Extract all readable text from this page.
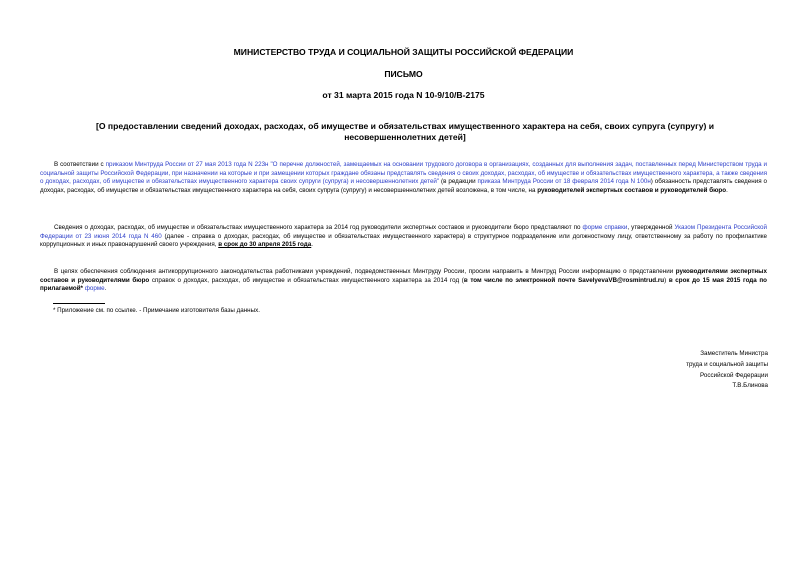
МИНИСТЕРСТВО ТРУДА И СОЦИАЛЬНОЙ ЗАЩИТЫ РОССИЙСКОЙ ФЕДЕРАЦИИ
ПИСЬМО
от 31 марта 2015 года N 10-9/10/В-2175
[О предоставлении сведений доходах, расходах, об имуществе и обязательствах имущественного характера на себя, своих супруга (супругу) и несовершеннолетних детей]

В соответствии с приказом Минтруда России от 27 мая 2013 года N 223н "О перечне должностей, замещаемых на основании трудового договора в организациях, созданных для выполнения задач, поставленных перед Министерством труда и социальной защиты Российской Федерации, при назначении на которые и при замещении которых граждане обязаны представлять сведения о своих доходах, расходах, об имуществе и обязательствах имущественного характера, а также сведения о доходах, расходах, об имуществе и обязательствах имущественного характера своих супруги (супруга) и несовершеннолетних детей" (в редакции приказа Минтруда России от 18 февраля 2014 года N 100н) обязанность представлять сведения о доходах, расходах, об имуществе и обязательствах имущественного характера на себя, своих супруга (супругу) и несовершеннолетних детей возложена, в том числе, на руководителей экспертных составов и руководителей бюро.

Сведения о доходах, расходах, об имуществе и обязательствах имущественного характера за 2014 год руководители экспертных составов и руководители бюро представляют по форме справки, утвержденной Указом Президента Российской Федерации от 23 июня 2014 года N 460 (далее - справка о доходах, расходах, об имуществе и обязательствах имущественного характера) в структурное подразделение или должностному лицу, ответственному за работу по профилактике коррупционных и иных правонарушений своего учреждения, в срок до 30 апреля 2015 года.

В целях обеспечения соблюдения антикоррупционного законодательства работниками учреждений, подведомственных Минтруду России, просим направить в Минтруд России информацию о представлении руководителями экспертных составов и руководителями бюро справок о доходах, расходах, об имуществе и обязательствах имущественного характера за 2014 год (в том числе по электронной почте SavelyevaVB@rosmintrud.ru) в срок до 15 мая 2015 года по прилагаемой* форме.

* Приложение см. по ссылке. - Примечание изготовителя базы данных.
Заместитель Министра
труда и социальной защиты
Российской Федерации
Т.В.Блинова
